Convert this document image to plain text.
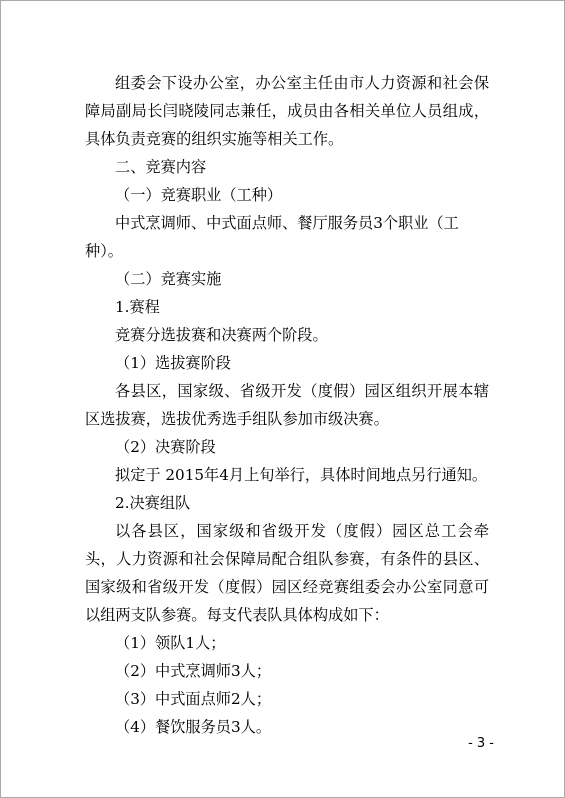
组委会下设办公室，办公室主任由市人力资源和社会保障局副局长闫晓陵同志兼任，成员由各相关单位人员组成，具体负责竞赛的组织实施等相关工作。

二、竞赛内容

（一）竞赛职业（工种）

中式烹调师、中式面点师、餐厅服务员3个职业（工种）。

（二）竞赛实施

1.赛程

竞赛分选拔赛和决赛两个阶段。

（1）选拔赛阶段

各县区，国家级、省级开发（度假）园区组织开展本辖区选拔赛，选拔优秀选手组队参加市级决赛。

（2）决赛阶段

拟定于 2015年4月上旬举行，具体时间地点另行通知。

2.决赛组队

以各县区，国家级和省级开发（度假）园区总工会牵头，人力资源和社会保障局配合组队参赛，有条件的县区、国家级和省级开发（度假）园区经竞赛组委会办公室同意可以组两支队参赛。每支代表队具体构成如下：

（1）领队1人；

（2）中式烹调师3人；

（3）中式面点师2人；

（4）餐饮服务员3人。

- 3 -
